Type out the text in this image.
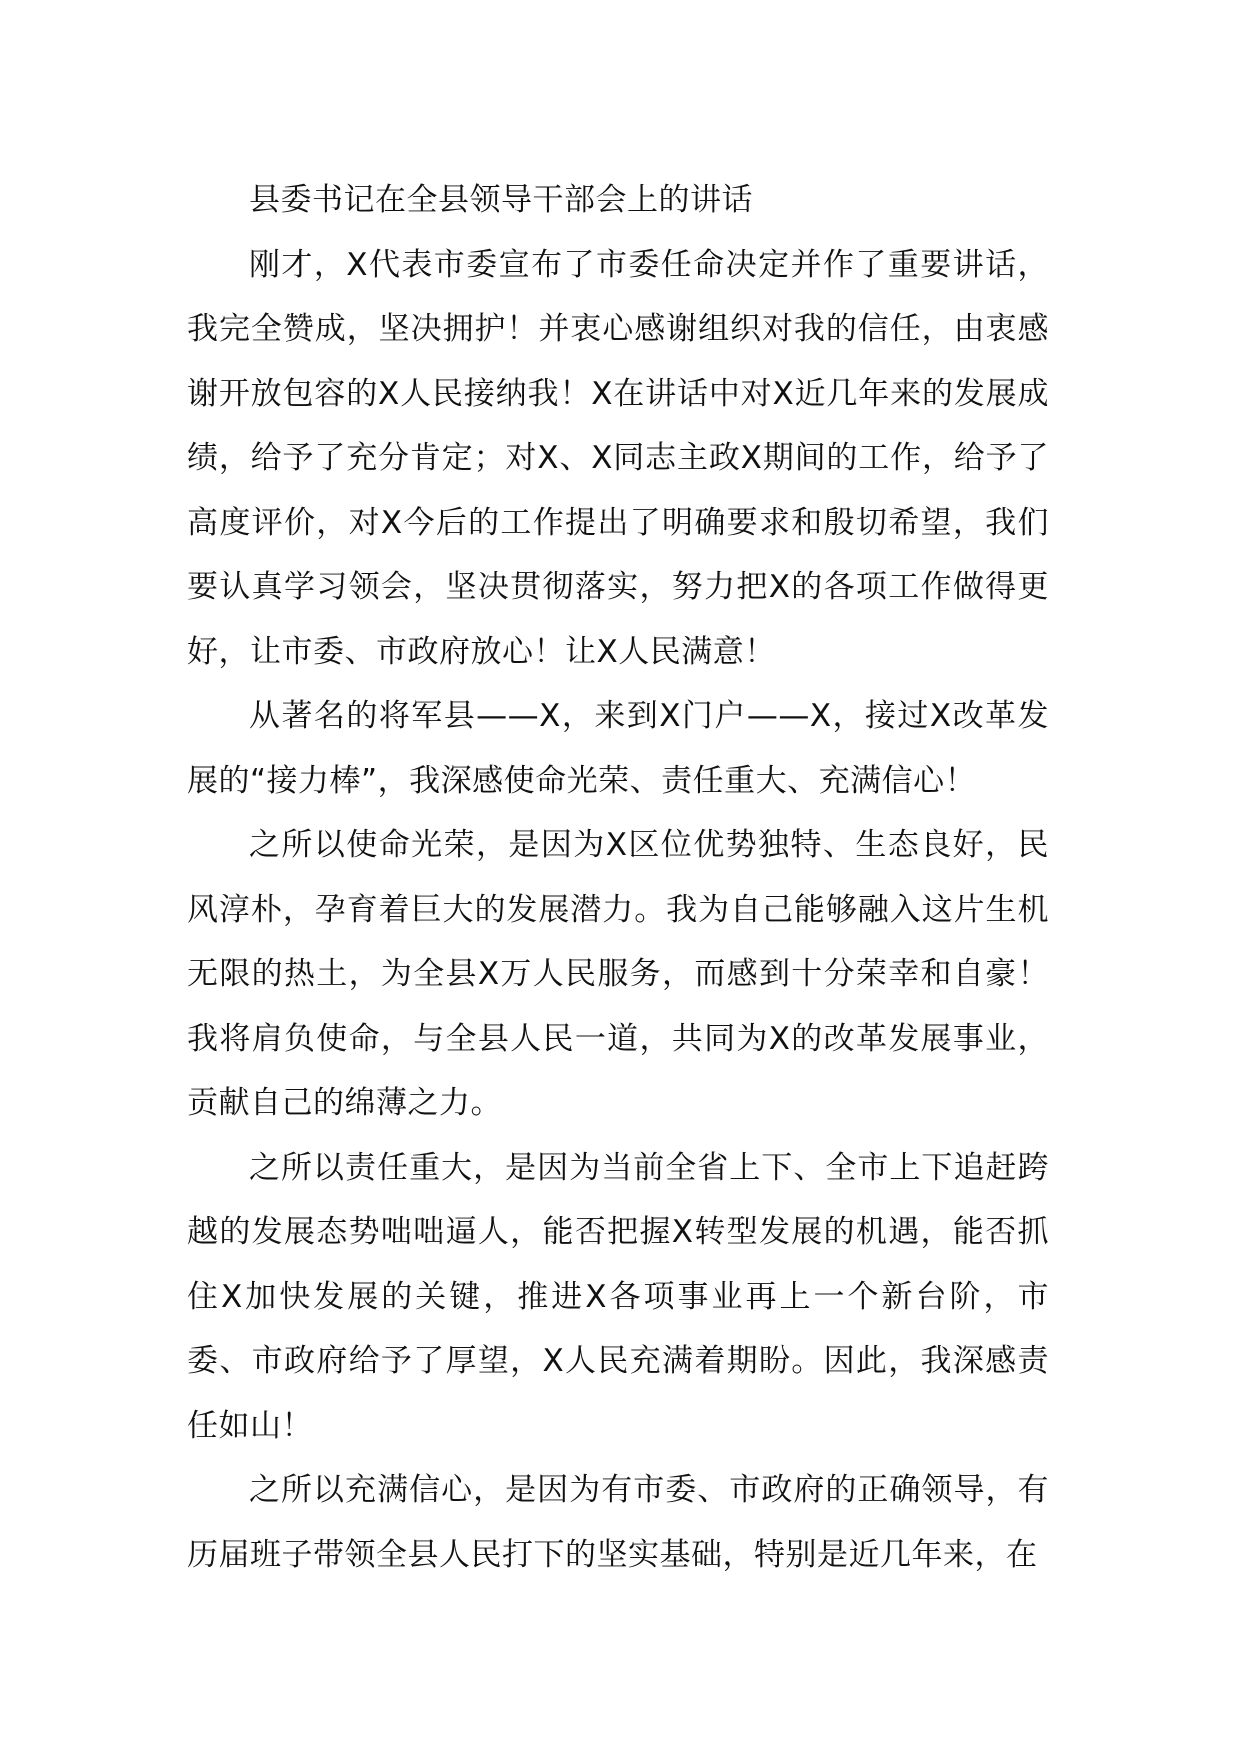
县委书记在全县领导干部会上的讲话

刚才，X代表市委宣布了市委任命决定并作了重要讲话，我完全赞成，坚决拥护！并衷心感谢组织对我的信任，由衷感谢开放包容的X人民接纳我！X在讲话中对X近几年来的发展成绩，给予了充分肯定；对X、X同志主政X期间的工作，给予了高度评价，对X今后的工作提出了明确要求和殷切希望，我们要认真学习领会，坚决贯彻落实，努力把X的各项工作做得更好，让市委、市政府放心！让X人民满意！

从著名的将军县——X，来到X门户——X，接过X改革发展的“接力棒”，我深感使命光荣、责任重大、充满信心！

之所以使命光荣，是因为X区位优势独特、生态良好，民风淳朴，孕育着巨大的发展潜力。我为自己能够融入这片生机无限的热土，为全县X万人民服务，而感到十分荣幸和自豪！我将肩负使命，与全县人民一道，共同为X的改革发展事业，贡献自己的绵薄之力。

之所以责任重大，是因为当前全省上下、全市上下追赶跨越的发展态势咄咄逼人，能否把握X转型发展的机遇，能否抓住X加快发展的关键，推进X各项事业再上一个新台阶，市委、市政府给予了厚望，X人民充满着期盼。因此，我深感责任如山！

之所以充满信心，是因为有市委、市政府的正确领导，有历届班子带领全县人民打下的坚实基础，特别是近几年来，在
